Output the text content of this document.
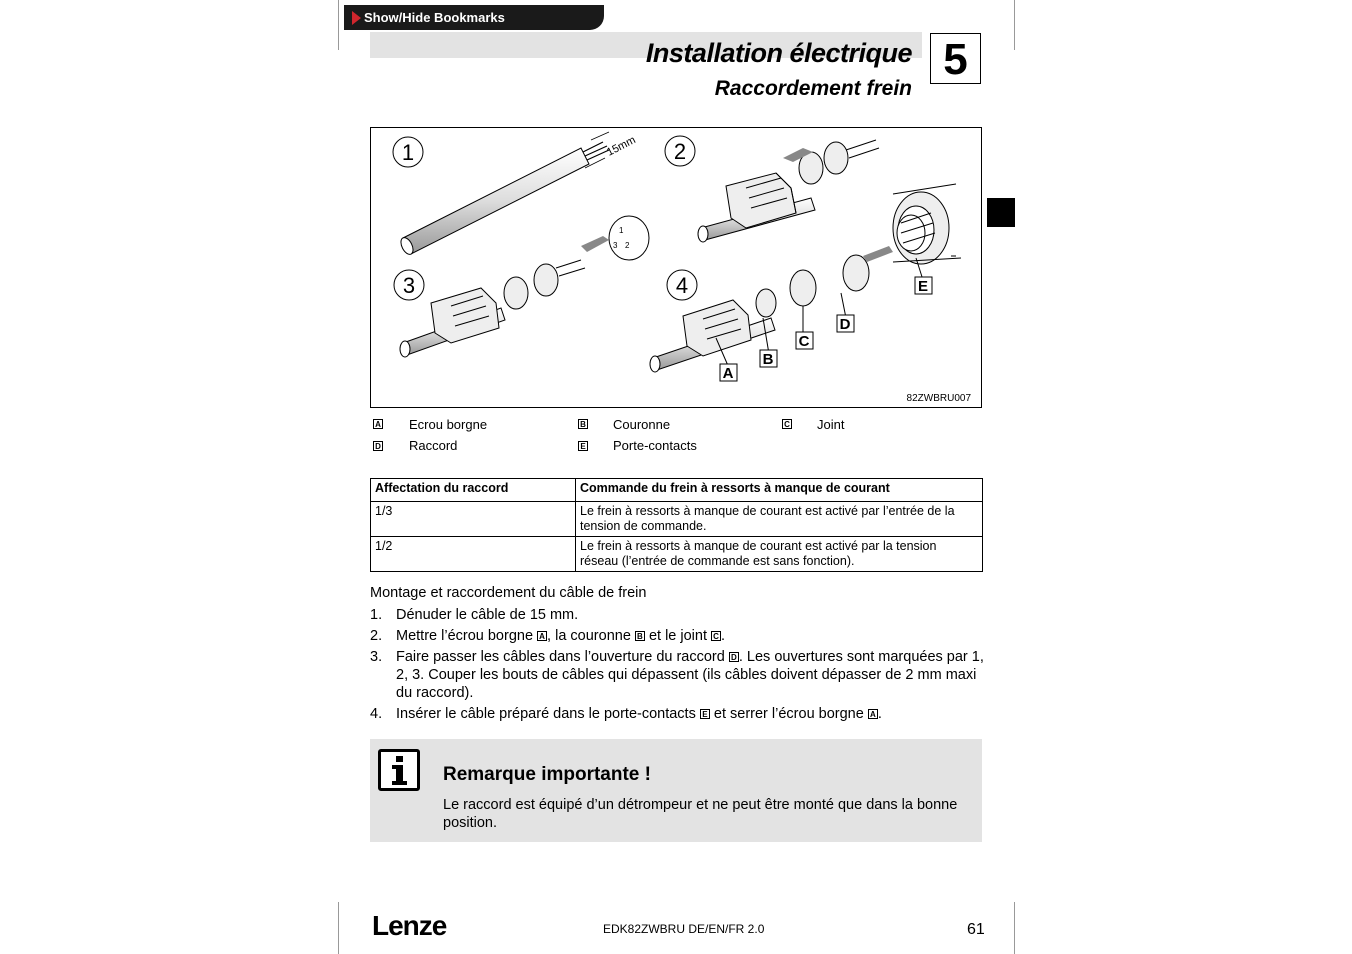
Show/Hide Bookmarks
Installation électrique
Raccordement frein
5
1	2
3	4
15mm
1
3 2
A
B
C
D
E
82ZWBRU007
A Ecrou borgne	B Couronne	C Joint
D Raccord	E Porte-contacts
Affectation du raccord	Commande du frein à ressorts à manque de courant
1/3	Le frein à ressorts à manque de courant est activé par l’entrée de la tension de commande.
1/2	Le frein à ressorts à manque de courant est activé par la tension réseau (l’entrée de commande est sans fonction).
Montage et raccordement du câble de frein
1. Dénuder le câble de 15 mm.
2. Mettre l’écrou borgne A , la couronne B et le joint C .
3. Faire passer les câbles dans l’ouverture du raccord D . Les ouvertures sont marquées par 1, 2, 3. Couper les bouts de câbles qui dépassent (ils câbles doivent dépasser de 2 mm maxi du raccord).
4. Insérer le câble préparé dans le porte-contacts E et serrer l’écrou borgne A .
Remarque importante !
Le raccord est équipé d’un détrompeur et ne peut être monté que dans la bonne position.
Lenze	EDK82ZWBRU DE/EN/FR 2.0	61
